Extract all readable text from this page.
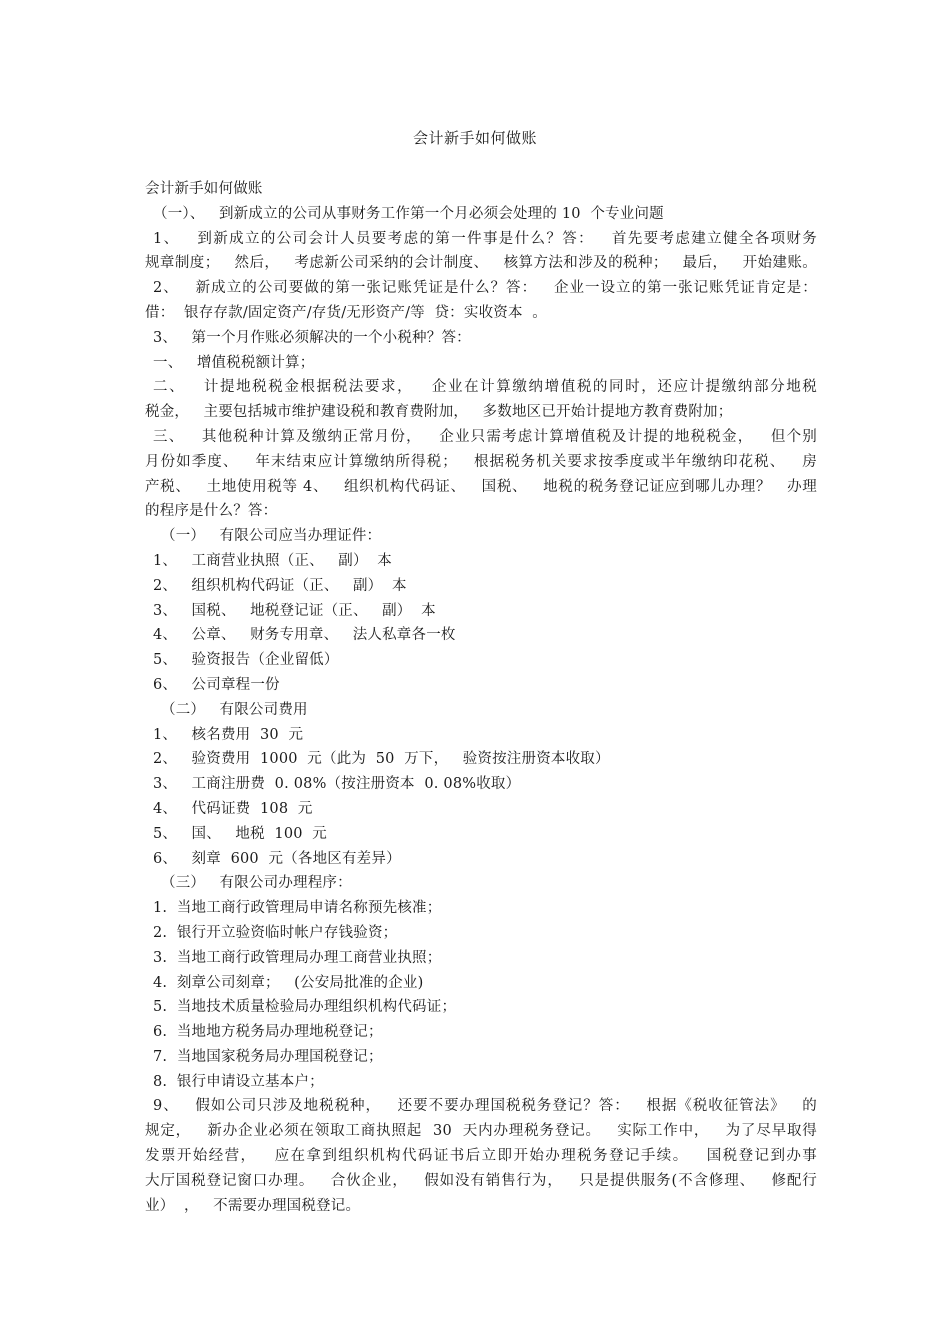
会计新手如何做账
会计新手如何做账
（一）、   到新成立的公司从事财务工作第一个月必须会处理的 10  个专业问题
1、   到新成立的公司会计人员要考虑的第一件事是什么？答：   首先要考虑建立健全各项财务
规章制度；   然后，   考虑新公司采纳的会计制度、   核算方法和涉及的税种；   最后，   开始建账。
2、   新成立的公司要做的第一张记账凭证是什么？答：   企业一设立的第一张记账凭证肯定是：
借：  银存存款/固定资产/存货/无形资产/等  贷：实收资本  。
3、   第一个月作账必须解决的一个小税种？答：
一、   增值税税额计算；
二、   计提地税税金根据税法要求，   企业在计算缴纳增值税的同时，还应计提缴纳部分地税
税金，   主要包括城市维护建设税和教育费附加，   多数地区已开始计提地方教育费附加；
三、   其他税种计算及缴纳正常月份，   企业只需考虑计算增值税及计提的地税税金，   但个别
月份如季度、   年末结束应计算缴纳所得税；   根据税务机关要求按季度或半年缴纳印花税、   房
产税、   土地使用税等 4、   组织机构代码证、   国税、   地税的税务登记证应到哪儿办理？   办理
的程序是什么？答：
（一）   有限公司应当办理证件：
1、   工商营业执照（正、   副）  本
2、   组织机构代码证（正、   副）  本
3、   国税、   地税登记证（正、   副）  本
4、   公章、   财务专用章、   法人私章各一枚
5、   验资报告（企业留低）
6、   公司章程一份
（二）   有限公司费用
1、   核名费用  30  元
2、   验资费用  1000  元（此为  50  万下，   验资按注册资本收取）
3、   工商注册费  0. 08%（按注册资本  0. 08%收取）
4、   代码证费  108  元
5、   国、   地税  100  元
6、   刻章  600  元（各地区有差异）
（三）   有限公司办理程序：
1.  当地工商行政管理局申请名称预先核准；
2.  银行开立验资临时帐户存钱验资；
3.  当地工商行政管理局办理工商营业执照；
4.  刻章公司刻章；   (公安局批准的企业)
5.  当地技术质量检验局办理组织机构代码证；
6.  当地地方税务局办理地税登记；
7.  当地国家税务局办理国税登记；
8.  银行申请设立基本户；
9、   假如公司只涉及地税税种，   还要不要办理国税税务登记？答：   根据《税收征管法》   的
规定，   新办企业必须在领取工商执照起  30  天内办理税务登记。   实际工作中，   为了尽早取得
发票开始经营，   应在拿到组织机构代码证书后立即开始办理税务登记手续。   国税登记到办事
大厅国税登记窗口办理。   合伙企业，   假如没有销售行为，   只是提供服务(不含修理、   修配行
业）  ，   不需要办理国税登记。
